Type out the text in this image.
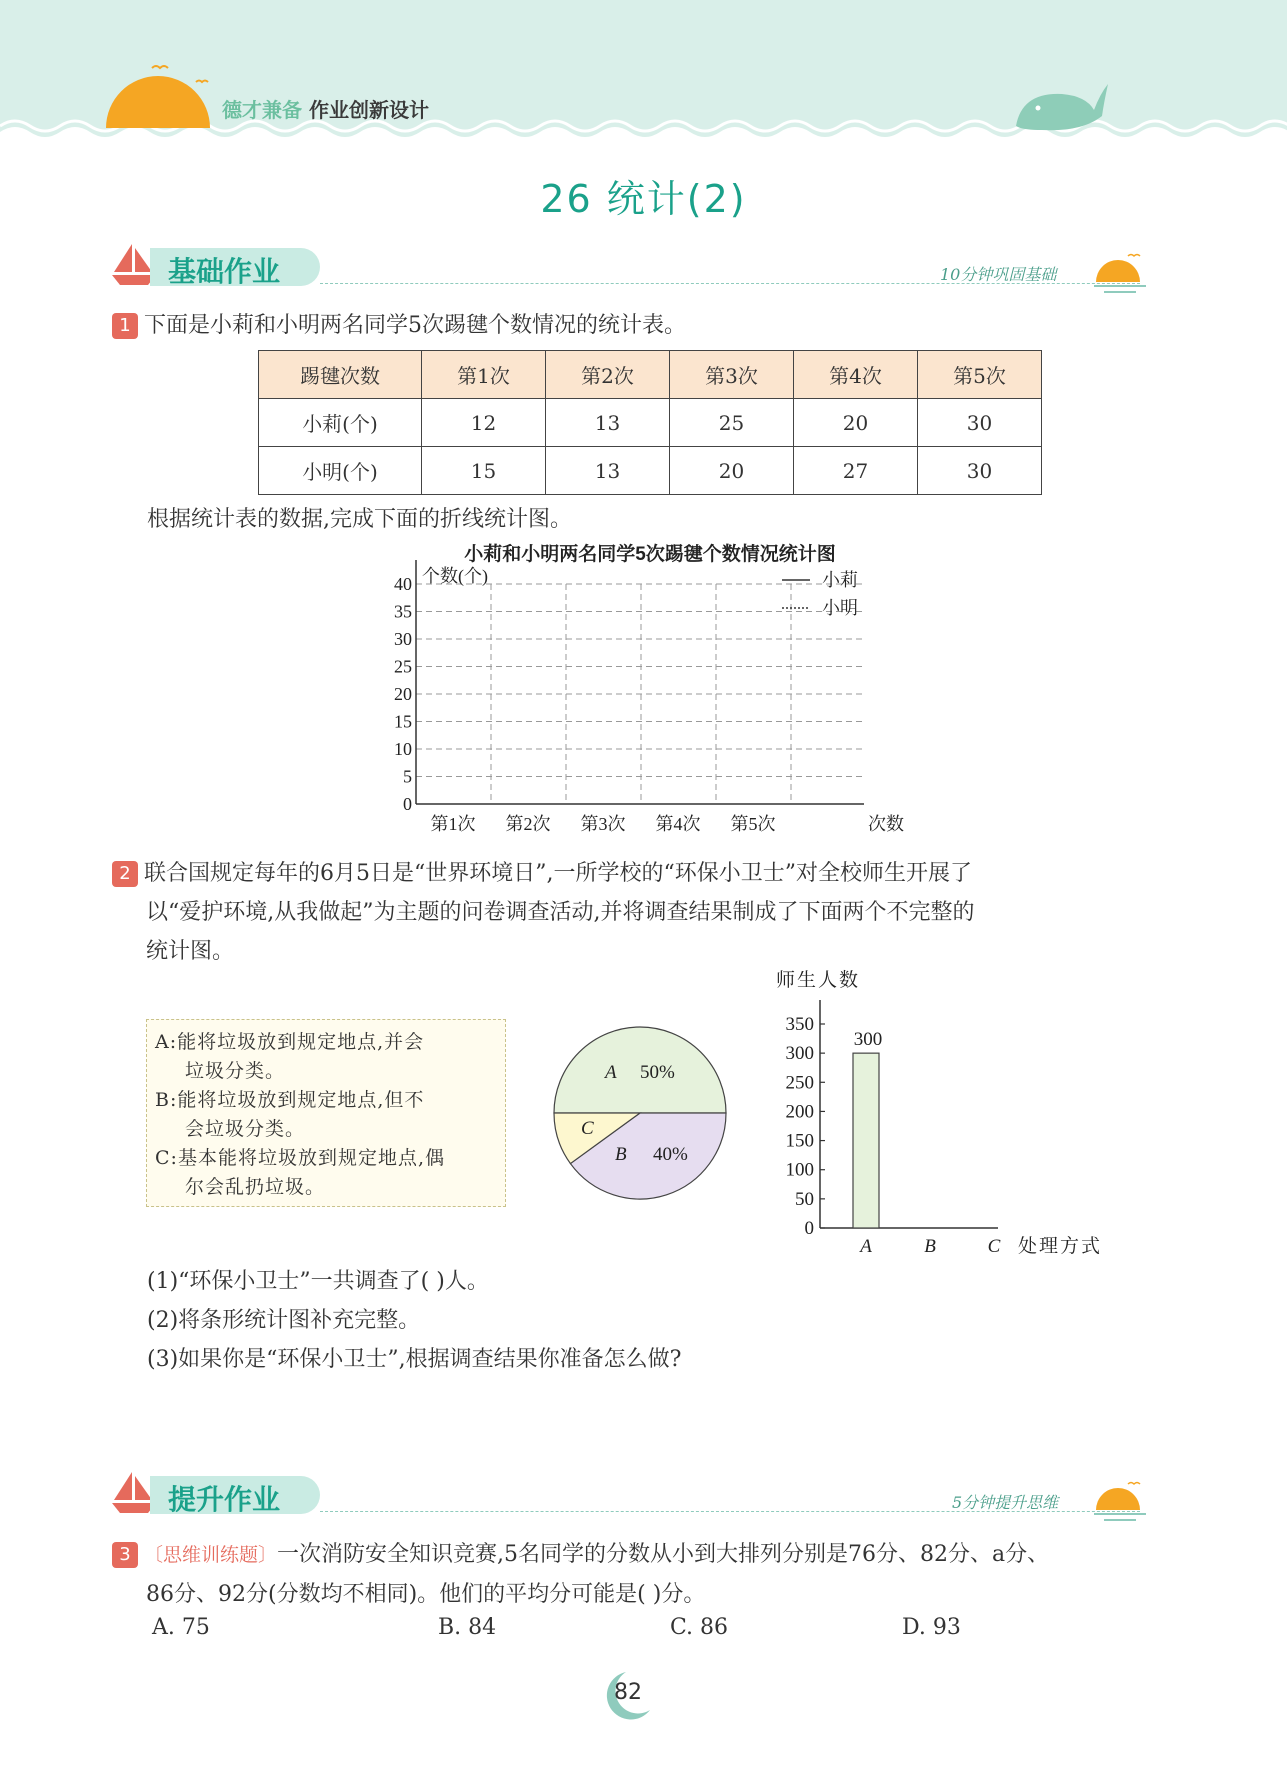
德才兼备 作业创新设计
26 统计(2)
基础作业	10分钟巩固基础
1 下面是小莉和小明两名同学5次踢毽个数情况的统计表。
踢毽次数	第1次	第2次	第3次	第4次	第5次
小莉(个)	12	13	25	20	30
小明(个)	15	13	20	27	30
根据统计表的数据,完成下面的折线统计图。
小莉和小明两名同学5次踢毽个数情况统计图
0
5
10
15
20
25
30
35
40
第1次 第2次 第3次 第4次 第5次
个数(个)
次数
小莉
小明
2 联合国规定每年的6月5日是“世界环境日”,一所学校的“环保小卫士”对全校师生开展了
以“爱护环境,从我做起”为主题的问卷调查活动,并将调查结果制成了下面两个不完整的
统计图。
A:能将垃圾放到规定地点,并会
垃圾分类。
B:能将垃圾放到规定地点,但不
会垃圾分类。
C:基本能将垃圾放到规定地点,偶
尔会乱扔垃圾。
A 50%
B 40%
C
师生人数
0
50
100
150
200
250
300
350
A
300
B	C 处理方式
(1)“环保小卫士”一共调查了( )人。
(2)将条形统计图补充完整。
(3)如果你是“环保小卫士”,根据调查结果你准备怎么做?
提升作业	5分钟提升思维
3 〔思维训练题〕一次消防安全知识竞赛,5名同学的分数从小到大排列分别是76分、82分、a分、
86分、92分(分数均不相同)。他们的平均分可能是( )分。
A. 75	B. 84	C. 86	D. 93
82
